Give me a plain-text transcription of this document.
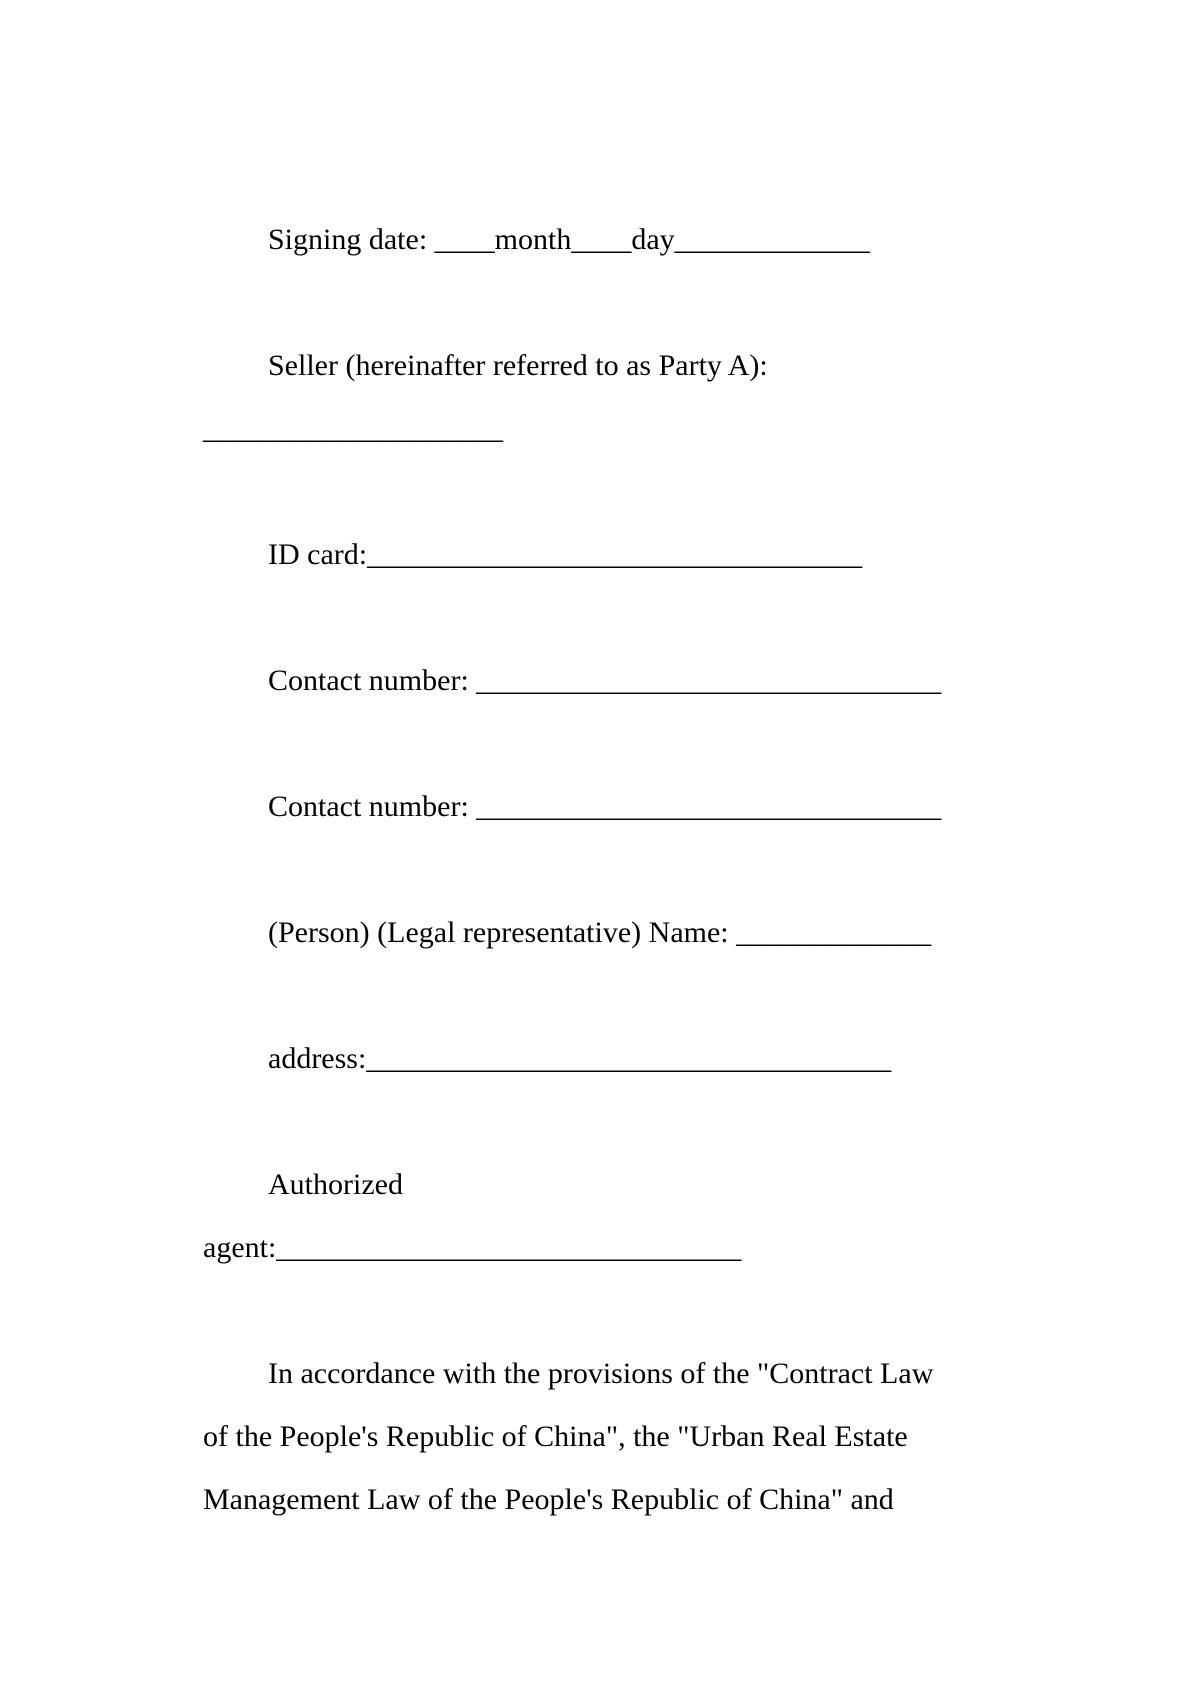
Signing date: ____month____day_____________
Seller (hereinafter referred to as Party A):
____________________
ID card:_________________________________
Contact number: _______________________________
Contact number: _______________________________
(Person) (Legal representative) Name: _____________
address:___________________________________
Authorized
agent:_______________________________
In accordance with the provisions of the "Contract Law
of the People's Republic of China", the "Urban Real Estate
Management Law of the People's Republic of China" and
